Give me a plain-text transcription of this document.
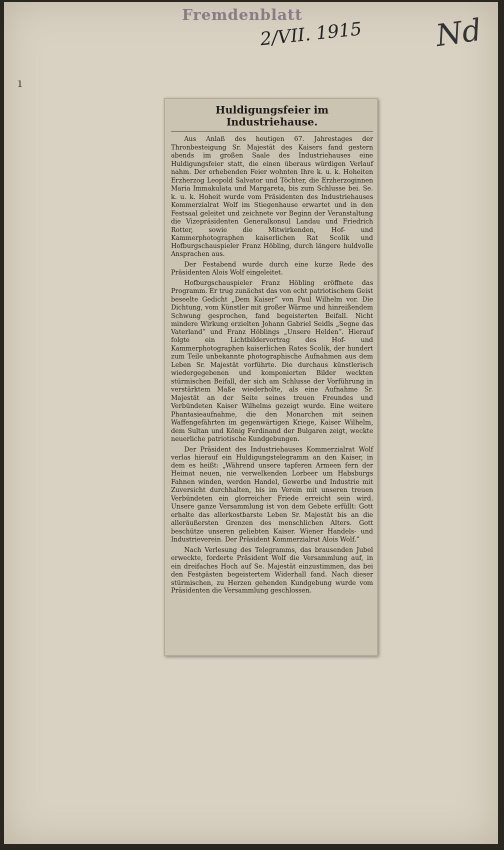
Fremdenblatt
2/VII. 1915 Nd
ı
Huldigungsfeier im Industriehause.

Aus Anlaß des heutigen 67. Jahrestages der Thronbesteigung Sr. Majestät des Kaisers fand gestern abends im großen Saale des Industriehauses eine Huldigungsfeier statt, die einen überaus würdigen Verlauf nahm. Der erhebenden Feier wohnten Ihre k. u. k. Hoheiten Erzherzog Leopold Salvator und Töchter, die Erzherzoginnen Maria Immakulata und Margareta, bis zum Schlusse bei. Se. k. u. k. Hoheit wurde vom Präsidenten des Industriehauses Kommerzialrat Wolf im Stiegenhause erwartet und in den Festsaal geleitet und zeichnete vor Beginn der Veranstaltung die Vizepräsidenten Generalkonsul Landau und Friedrich Rotter, sowie die Mitwirkenden, Hof- und Kammerphotographen kaiserlichen Rat Scolik und Hofburgschauspieler Franz Höbling, durch längere huldvolle Ansprachen aus.

Der Festabend wurde durch eine kurze Rede des Präsidenten Alois Wolf eingeleitet.

Hofburgschauspieler Franz Höbling eröffnete das Programm. Er trug zunächst das von echt patriotischem Geist beseelte Gedicht „Dem Kaiser“ von Paul Wilhelm vor. Die Dichtung, vom Künstler mit großer Wärme und hinreißendem Schwung gesprochen, fand begeisterten Beifall. Nicht mindere Wirkung erzielten Johann Gabriel Seidls „Segne das Vaterland“ und Franz Höblings „Unsere Helden“. Hierauf folgte ein Lichtbildervortrag des Hof- und Kammerphotographen kaiserlichen Rates Scolik, der hundert zum Teile unbekannte photographische Aufnahmen aus dem Leben Sr. Majestät vorführte. Die durchaus künstlerisch wiedergegebenen und komponierten Bilder weckten stürmischen Beifall, der sich am Schlusse der Vorführung in verstärktem Maße wiederholte, als eine Aufnahme Sr. Majestät an der Seite seines treuen Freundes und Verbündeten Kaiser Wilhelms gezeigt wurde. Eine weitere Phantasieaufnahme, die den Monarchen mit seinen Waffengefährten im gegenwärtigen Kriege, Kaiser Wilhelm, dem Sultan und König Ferdinand der Bulgaren zeigt, weckte neuerliche patriotische Kundgebungen.

Der Präsident des Industriehauses Kommerzialrat Wolf verlas hierauf ein Huldigungstelegramm an den Kaiser, in dem es heißt: „Während unsere tapferen Armeen fern der Heimat neuen, nie verwelkenden Lorbeer um Habsburgs Fahnen winden, werden Handel, Gewerbe und Industrie mit Zuversicht durchhalten, bis im Verein mit unseren treuen Verbündeten ein glorreicher Friede erreicht sein wird. Unsere ganze Versammlung ist von dem Gebete erfüllt: Gott erhalte das allerkostbarste Leben Sr. Majestät bis an die alleräußersten Grenzen des menschlichen Alters. Gott beschütze unseren geliebten Kaiser. Wiener Handels- und Industrieverein. Der Präsident Kommerzialrat Alois Wolf.“

Nach Verlesung des Telegramms, das brausenden Jubel erweckte, forderte Präsident Wolf die Versammlung auf, in ein dreifaches Hoch auf Se. Majestät einzustimmen, das bei den Festgästen begeistertem Widerhall fand. Nach dieser stürmischen, zu Herzen gehenden Kundgebung wurde vom Präsidenten die Versammlung geschlossen.
